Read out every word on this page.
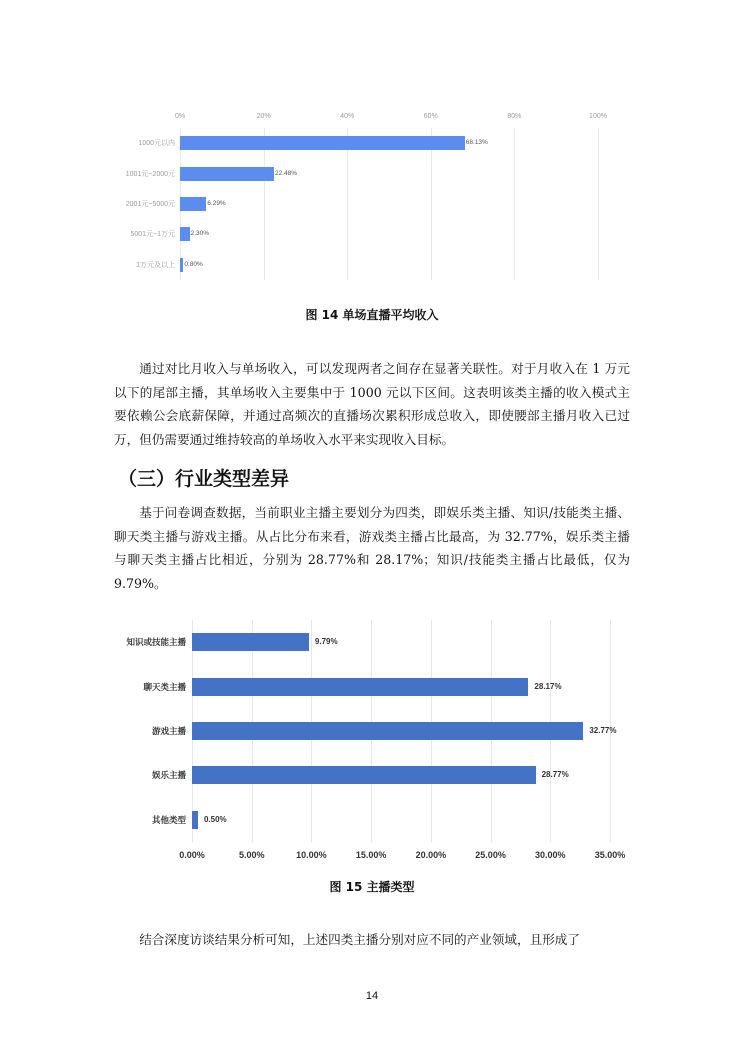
0%	20%	40%	60%	80%	100%
1000元以内	68.13%
1001元~2000元	22.48%
2001元~5000元	6.29%
5001元~1万元 2.30%
1万元及以上 0.80%
图 14 单场直播平均收入

通过对比月收入与单场收入，可以发现两者之间存在显著关联性。对于月收入在 1 万元以下的尾部主播，其单场收入主要集中于 1000 元以下区间。这表明该类主播的收入模式主要依赖公会底薪保障，并通过高频次的直播场次累积形成总收入，即使腰部主播月收入已过万，但仍需要通过维持较高的单场收入水平来实现收入目标。

（三）行业类型差异

基于问卷调查数据，当前职业主播主要划分为四类，即娱乐类主播、知识/技能类主播、聊天类主播与游戏主播。从占比分布来看，游戏类主播占比最高，为 32.77%，娱乐类主播与聊天类主播占比相近，分别为 28.77%和 28.17%；知识/技能类主播占比最低，仅为 9.79%。

0.00%	5.00%	10.00%	15.00%	20.00%	25.00%	30.00%	35.00%
知识或技能主播	9.79%
聊天类主播	28.17%
游戏主播	32.77%
娱乐主播	28.77%
其他类型 0.50%
图 15 主播类型

结合深度访谈结果分析可知，上述四类主播分别对应不同的产业领域，且形成了

14
